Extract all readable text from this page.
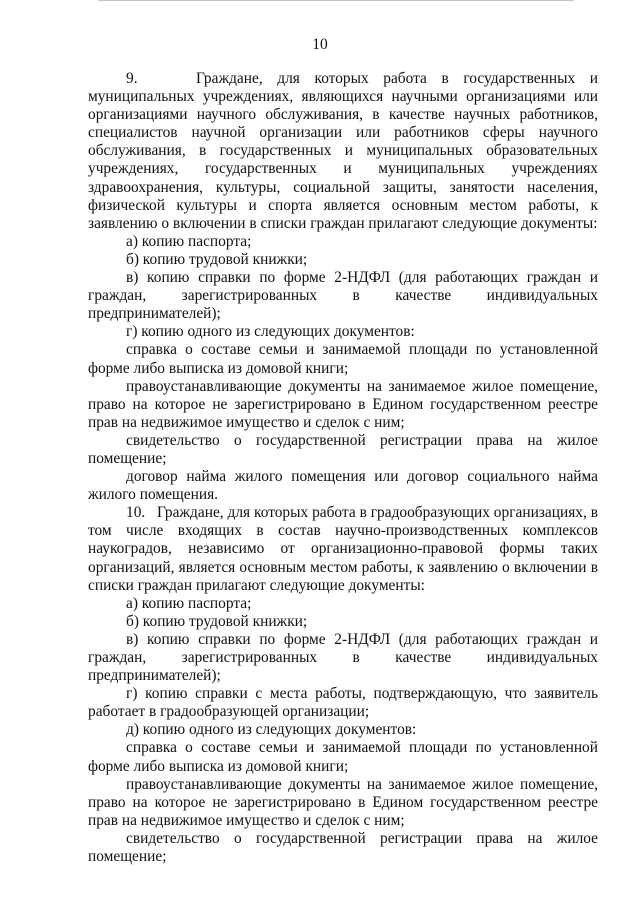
10

9.    Граждане, для которых работа в государственных и муниципальных учреждениях, являющихся научными организациями или организациями научного обслуживания, в качестве научных работников, специалистов научной организации или работников сферы научного обслуживания, в государственных и муниципальных образовательных учреждениях, государственных и муниципальных учреждениях здравоохранения, культуры, социальной защиты, занятости населения, физической культуры и спорта является основным местом работы, к заявлению о включении в списки граждан прилагают следующие документы:

а) копию паспорта;

б) копию трудовой книжки;

в) копию справки по форме 2-НДФЛ (для работающих граждан и граждан, зарегистрированных в качестве индивидуальных предпринимателей);

г) копию одного из следующих документов:

справка о составе семьи и занимаемой площади по установленной форме либо выписка из домовой книги;

правоустанавливающие документы на занимаемое жилое помещение, право на которое не зарегистрировано в Едином государственном реестре прав на недвижимое имущество и сделок с ним;

свидетельство о государственной регистрации права на жилое помещение;

договор найма жилого помещения или договор социального найма жилого помещения.

10.   Граждане, для которых работа в градообразующих организациях, в том числе входящих в состав научно-производственных комплексов наукоградов, независимо от организационно-правовой формы таких организаций, является основным местом работы, к заявлению о включении в списки граждан прилагают следующие документы:

а) копию паспорта;

б) копию трудовой книжки;

в) копию справки по форме 2-НДФЛ (для работающих граждан и граждан, зарегистрированных в качестве индивидуальных предпринимателей);

г) копию справки с места работы, подтверждающую, что заявитель работает в градообразующей организации;

д) копию одного из следующих документов:

справка о составе семьи и занимаемой площади по установленной форме либо выписка из домовой книги;

правоустанавливающие документы на занимаемое жилое помещение, право на которое не зарегистрировано в Едином государственном реестре прав на недвижимое имущество и сделок с ним;

свидетельство о государственной регистрации права на жилое помещение;
